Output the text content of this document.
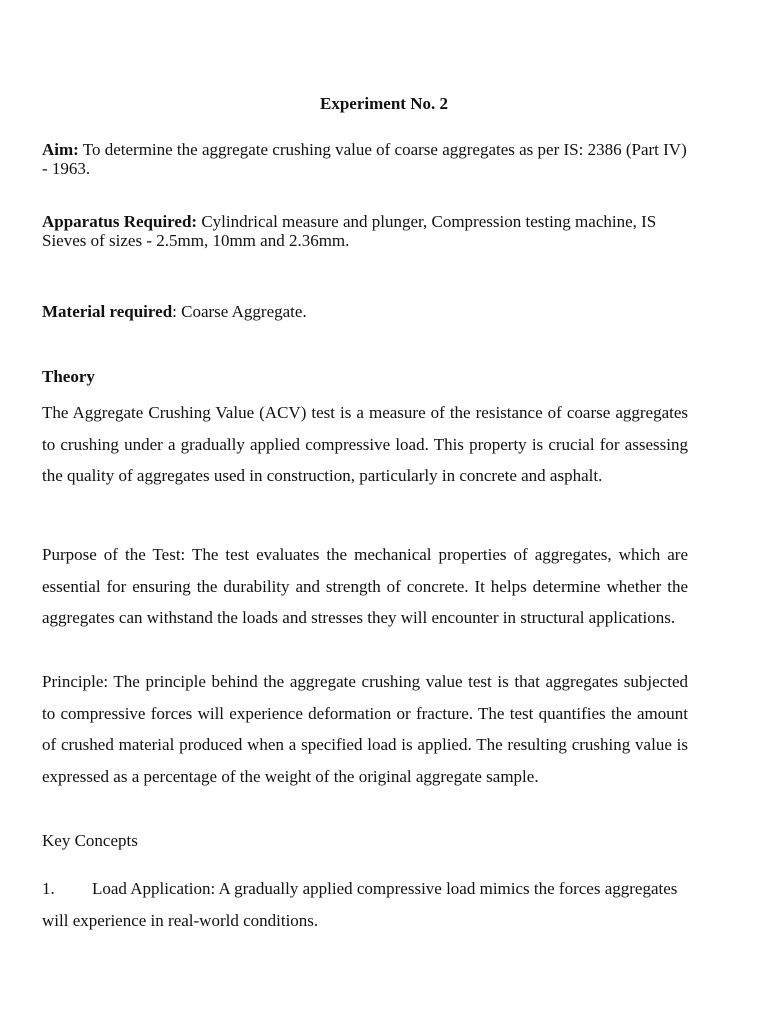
Experiment No. 2
Aim: To determine the aggregate crushing value of coarse aggregates as per IS: 2386 (Part IV) - 1963.
Apparatus Required: Cylindrical measure and plunger, Compression testing machine, IS Sieves of sizes - 2.5mm, 10mm and 2.36mm.
Material required: Coarse Aggregate.
Theory
The Aggregate Crushing Value (ACV) test is a measure of the resistance of coarse aggregates to crushing under a gradually applied compressive load. This property is crucial for assessing the quality of aggregates used in construction, particularly in concrete and asphalt.
Purpose of the Test: The test evaluates the mechanical properties of aggregates, which are essential for ensuring the durability and strength of concrete. It helps determine whether the aggregates can withstand the loads and stresses they will encounter in structural applications.
Principle: The principle behind the aggregate crushing value test is that aggregates subjected to compressive forces will experience deformation or fracture. The test quantifies the amount of crushed material produced when a specified load is applied. The resulting crushing value is expressed as a percentage of the weight of the original aggregate sample.
Key Concepts
1. Load Application: A gradually applied compressive load mimics the forces aggregates will experience in real-world conditions.
